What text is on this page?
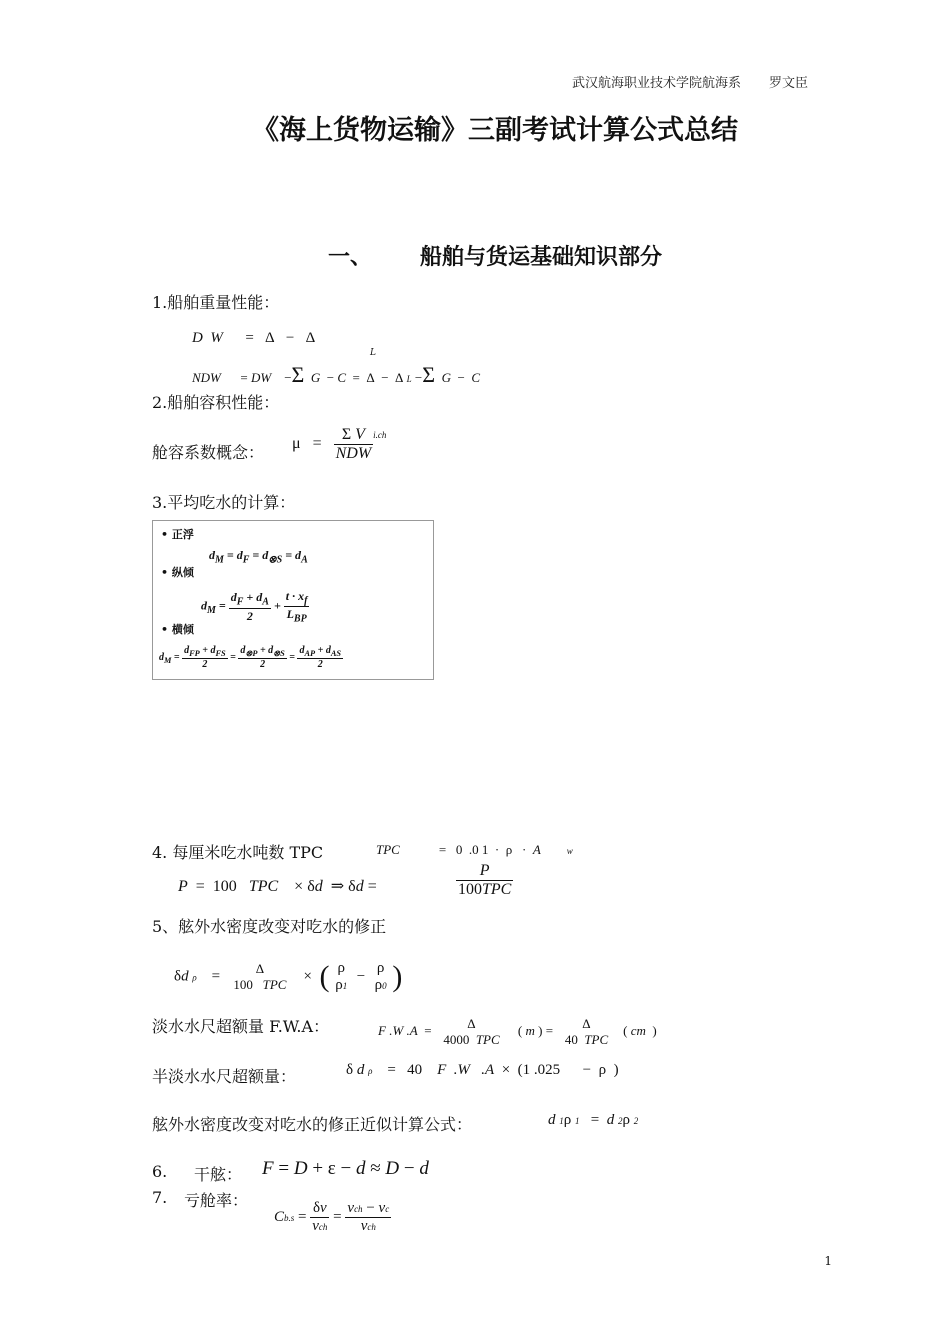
武汉航海职业技术学院航海系 罗文臣
《海上货物运输》三副考试计算公式总结
一、 船舶与货运基础知识部分
1.船舶重量性能：
D  W      =   Δ   −   Δ
L
NDW      = DW    −Σ  G  − C  =  Δ  −  Δ L −Σ  G  −  C
2.船舶容积性能：
舱容系数概念： $\mu = \frac{\text{Σ V}}{\text{NDW}} ^{i.ch}$
3.平均吃水的计算：
• 正浮
$d_M = d_F = d_{\otimes S} = d_A$
• 纵倾
$d_M = \frac{d_F + d_A}{2} + \frac{t \cdot x_f}{L_{BP}}$
• 横倾
$d_M = \frac{d_{FP} + d_{FS}}{2} = \frac{d_{\otimes P} + d_{\otimes S}}{2} = \frac{d_{AP} + d_{AS}}{2}$
4. 每厘米吃水吨数 TPC	TPC            =   0  .0 1  ·  ρ   ·  A        w
P  =  100   TPC    × δd  ⇒ δd =	$\frac{P}{\text{100TPC}}$
5、舷外水密度改变对吃水的修正
δd ρ =	Δ
100   TPC
× ( ρ
ρ1
−
ρ
ρ0 )
淡水水尺超额量 F.W.A：	F .W .A  =	Δ
4000  TPC
( m ) =	Δ
40  TPC
( cm  )
半淡水水尺超额量：	δ d ρ =   40    F  .W   .A  ×  (1 .025      −  ρ  )
舷外水密度改变对吃水的修正近似计算公式：	d 1ρ 1 =  d 2ρ 2
6. 干舷： F = D + ε − d ≈ D − d
7. 亏舱率：
$Cb.s = \frac{\delta v}{\text{vch}} = \frac{\text{vch − vc}}{\text{vch}}$
1
